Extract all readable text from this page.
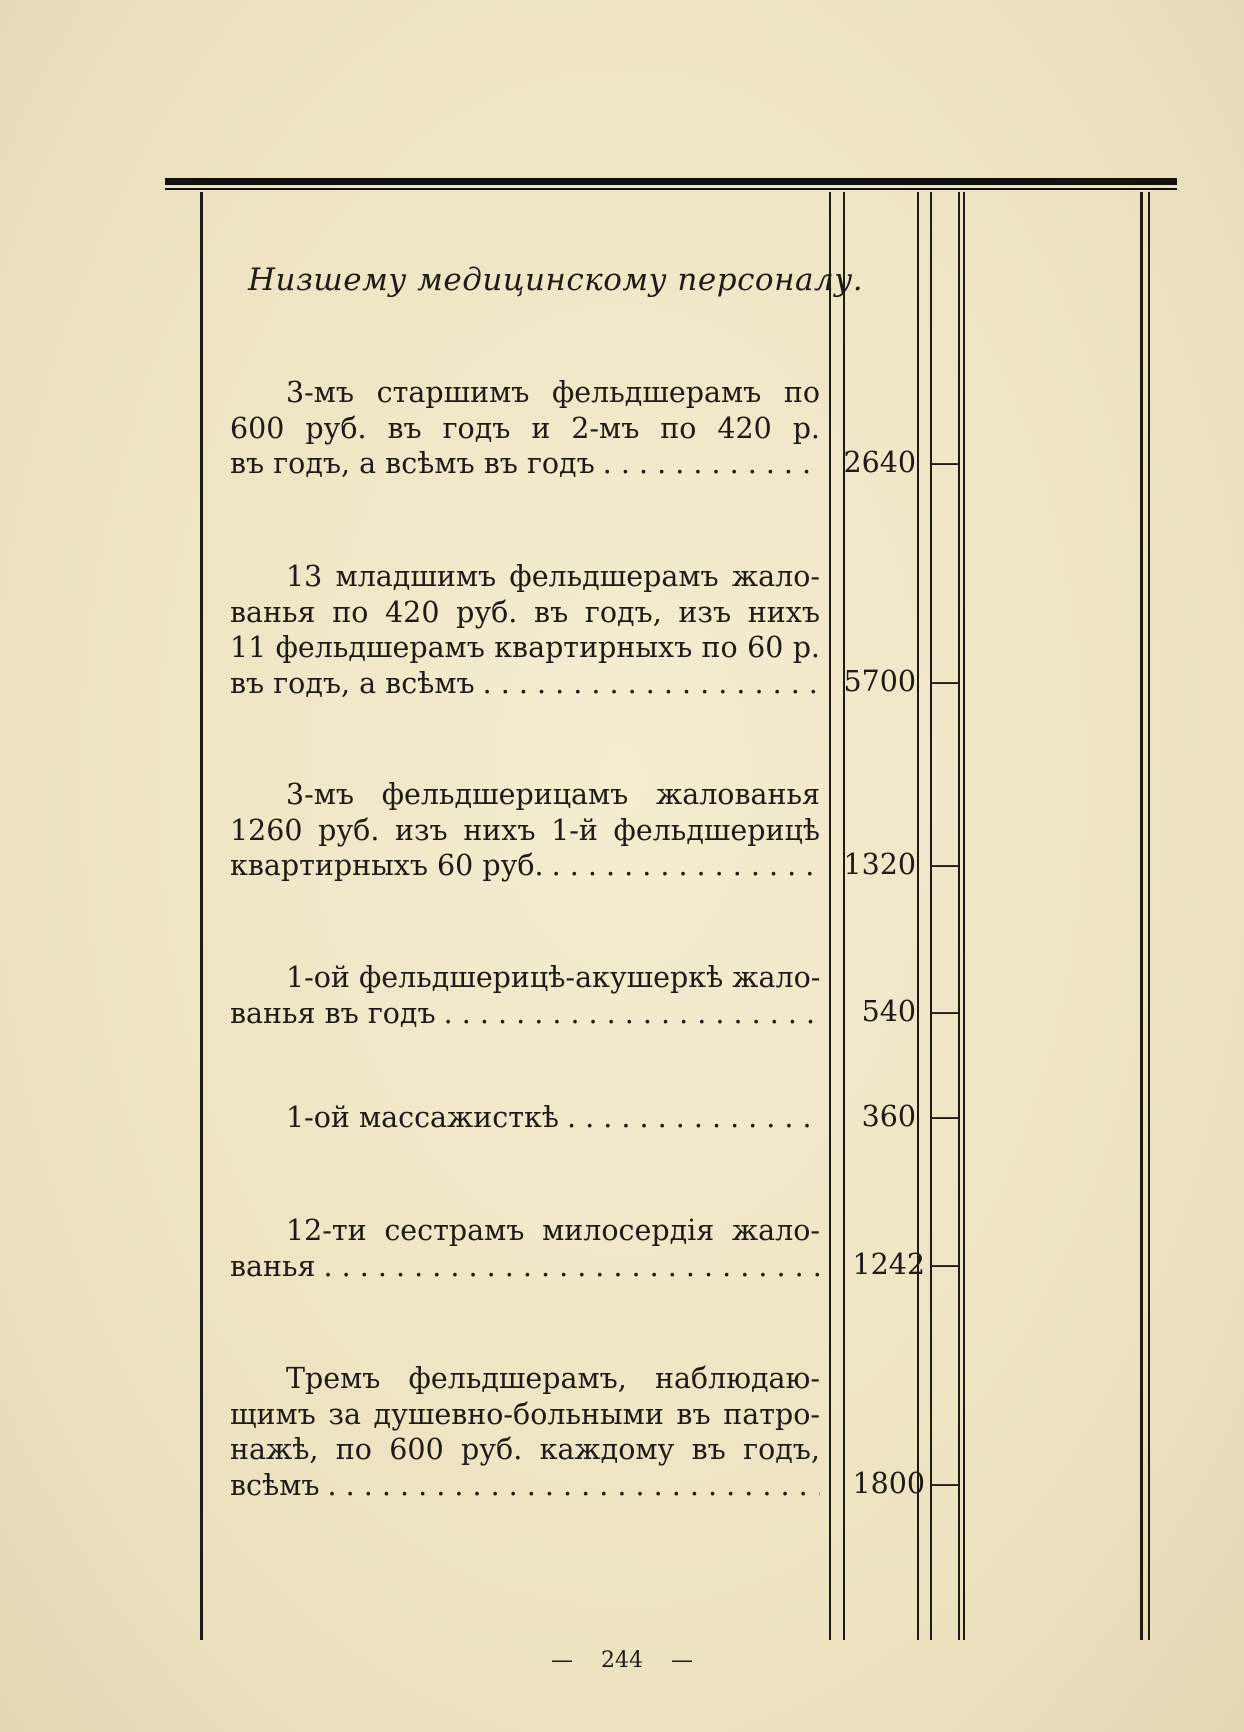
Низшему медицинскому персоналу.
3-мъ старшимъ фельдшерамъ по
600 руб. въ годъ и 2-мъ по 420 р.
въ годъ, а всѣмъ въ годъ . . .	2640 —
13 младшимъ фельдшерамъ жало-
ванья по 420 руб. въ годъ, изъ нихъ
11 фельдшерамъ квартирныхъ по 60 р.
въ годъ, а всѣмъ . . .	5700 —
3-мъ фельдшерицамъ жалованья
1260 руб. изъ нихъ 1-й фельдшерицѣ
квартирныхъ 60 руб. . . .	1320 —
1-ой фельдшерицѣ-акушеркѣ жало-
ванья въ годъ . . .	540 —
1-ой массажисткѣ . . .	360 —
12-ти сестрамъ милосердія жало-
ванья . . .	1242 —
Тремъ фельдшерамъ, наблюдаю-
щимъ за душевно-больными въ патро-
нажѣ, по 600 руб. каждому въ годъ,
всѣмъ . . .	1800 —
— 244 —
